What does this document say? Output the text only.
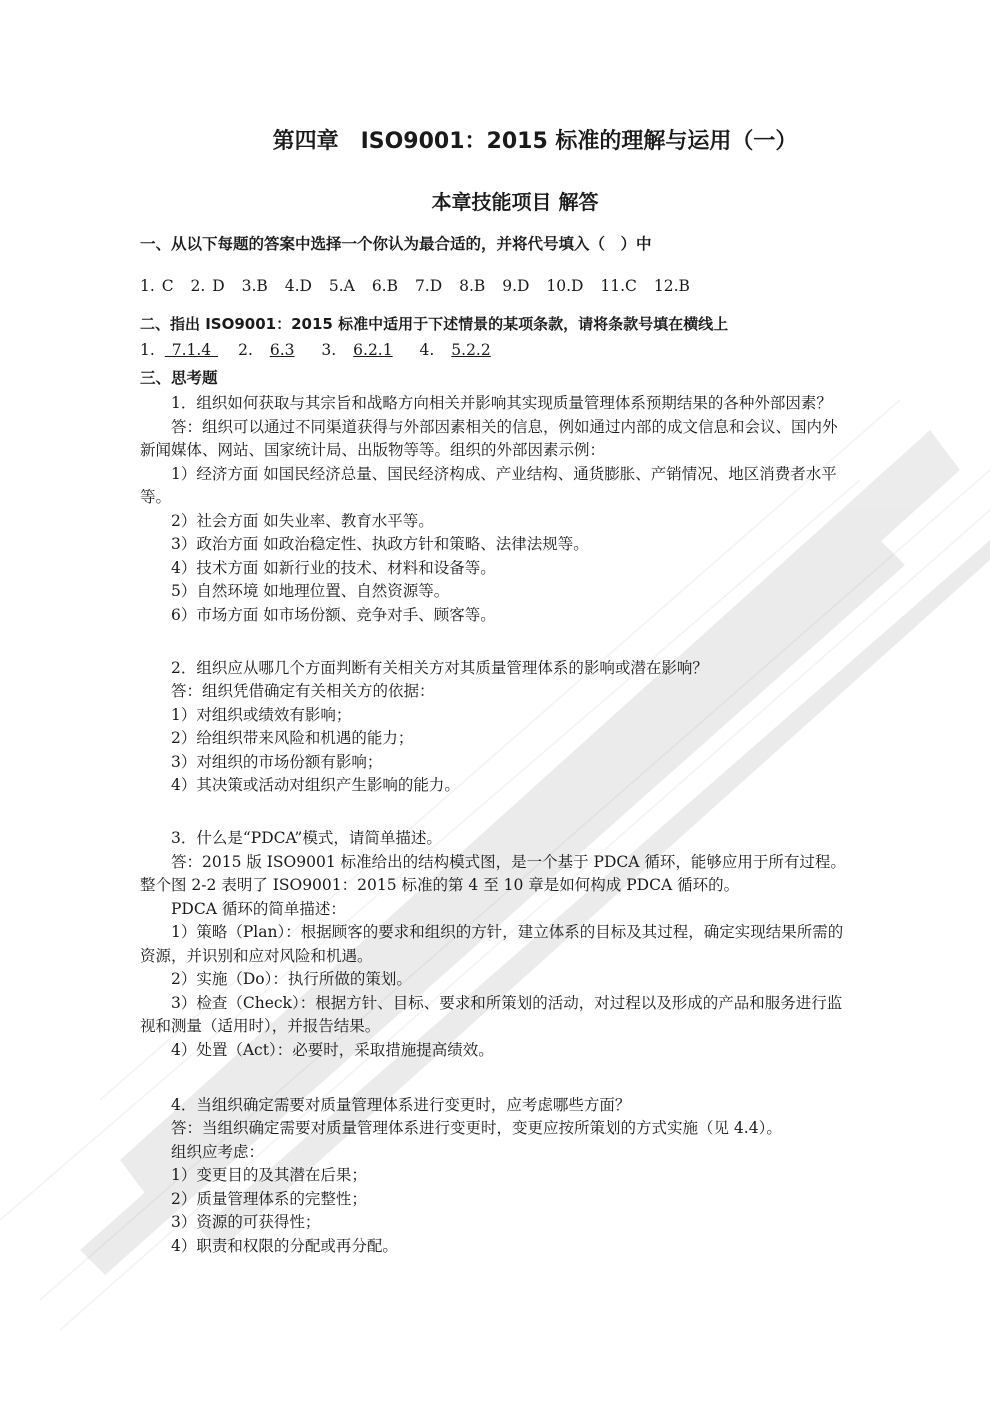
第四章 ISO9001：2015 标准的理解与运用（一）
本章技能项目 解答
一、从以下每题的答案中选择一个你认为最合适的，并将代号填入（　）中
1. C 2. D 3.B 4.D 5.A 6.B 7.D 8.B 9.D 10.D 11.C 12.B
二、指出 ISO9001：2015 标准中适用于下述情景的某项条款，请将条款号填在横线上
1. 7.1.4 2. 6.3 3. 6.2.1 4. 5.2.2
三、思考题

1．组织如何获取与其宗旨和战略方向相关并影响其实现质量管理体系预期结果的各种外部因素？

答：组织可以通过不同渠道获得与外部因素相关的信息，例如通过内部的成文信息和会议、国内外新闻媒体、网站、国家统计局、出版物等等。组织的外部因素示例：

1）经济方面 如国民经济总量、国民经济构成、产业结构、通货膨胀、产销情况、地区消费者水平等。

2）社会方面 如失业率、教育水平等。

3）政治方面 如政治稳定性、执政方针和策略、法律法规等。

4）技术方面 如新行业的技术、材料和设备等。

5）自然环境 如地理位置、自然资源等。

6）市场方面 如市场份额、竞争对手、顾客等。

2．组织应从哪几个方面判断有关相关方对其质量管理体系的影响或潜在影响？

答：组织凭借确定有关相关方的依据：

1）对组织或绩效有影响；

2）给组织带来风险和机遇的能力；

3）对组织的市场份额有影响；

4）其决策或活动对组织产生影响的能力。

3．什么是“PDCA”模式，请简单描述。

答：2015 版 ISO9001 标准给出的结构模式图，是一个基于 PDCA 循环，能够应用于所有过程。整个图 2-2 表明了 ISO9001：2015 标准的第 4 至 10 章是如何构成 PDCA 循环的。

PDCA 循环的简单描述：

1）策略（Plan）：根据顾客的要求和组织的方针，建立体系的目标及其过程，确定实现结果所需的资源，并识别和应对风险和机遇。

2）实施（Do）：执行所做的策划。

3）检查（Check）：根据方针、目标、要求和所策划的活动，对过程以及形成的产品和服务进行监视和测量（适用时），并报告结果。

4）处置（Act）：必要时，采取措施提高绩效。

4．当组织确定需要对质量管理体系进行变更时，应考虑哪些方面？

答：当组织确定需要对质量管理体系进行变更时，变更应按所策划的方式实施（见 4.4）。

组织应考虑：

1）变更目的及其潜在后果；

2）质量管理体系的完整性；

3）资源的可获得性；

4）职责和权限的分配或再分配。
